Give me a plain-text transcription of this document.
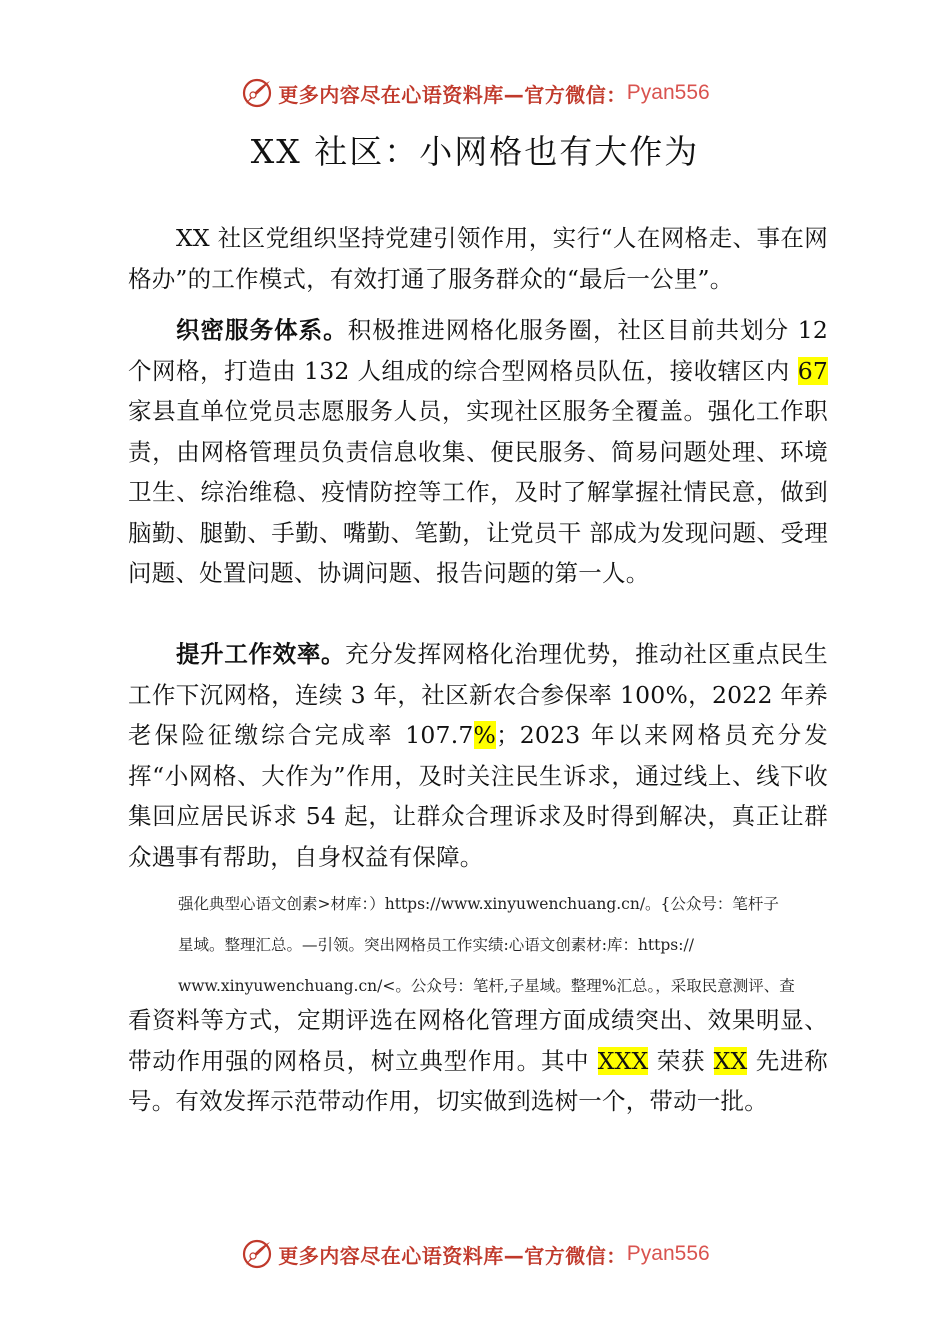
更多内容尽在心语资料库—官方微信： Pyan556
XX 社区：小网格也有大作为

XX 社区党组织坚持党建引领作用，实行“人在网格走、事在网格办”的工作模式，有效打通了服务群众的“最后一公里”。

织密服务体系。积极推进网格化服务圈，社区目前共划分 12 个网格，打造由 132 人组成的综合型网格员队伍，接收辖区内 67 家县直单位党员志愿服务人员，实现社区服务全覆盖。强化工作职责，由网格管理员负责信息收集、便民服务、简易问题处理、环境卫生、综治维稳、疫情防控等工作，及时了解掌握社情民意，做到脑勤、腿勤、手勤、嘴勤、笔勤，让党员干 部成为发现问题、受理问题、处置问题、协调问题、报告问题的第一人。

提升工作效率。充分发挥网格化治理优势，推动社区重点民生工作下沉网格，连续 3 年，社区新农合参保率 100%，2022 年养老保险征缴综合完成率 107.7%；2023 年以来网格员充分发挥“小网格、大作为”作用，及时关注民生诉求，通过线上、线下收集回应居民诉求 54 起，让群众合理诉求及时得到解决，真正让群众遇事有帮助，自身权益有保障。

强化典型心语文创素>材库：）https://www.xinyuwenchuang.cn/。{公众号：笔杆子

星域。整理汇总。—引领。突出网格员工作实绩:心语文创素材:库：https://

www.xinyuwenchuang.cn/<。公众号：笔杆,子星域。整理%汇总。，采取民意测评、查

看资料等方式，定期评选在网格化管理方面成绩突出、效果明显、带动作用强的网格员，树立典型作用。其中 XXX 荣获 XX 先进称号。有效发挥示范带动作用，切实做到选树一个，带动一批。

更多内容尽在心语资料库—官方微信： Pyan556
